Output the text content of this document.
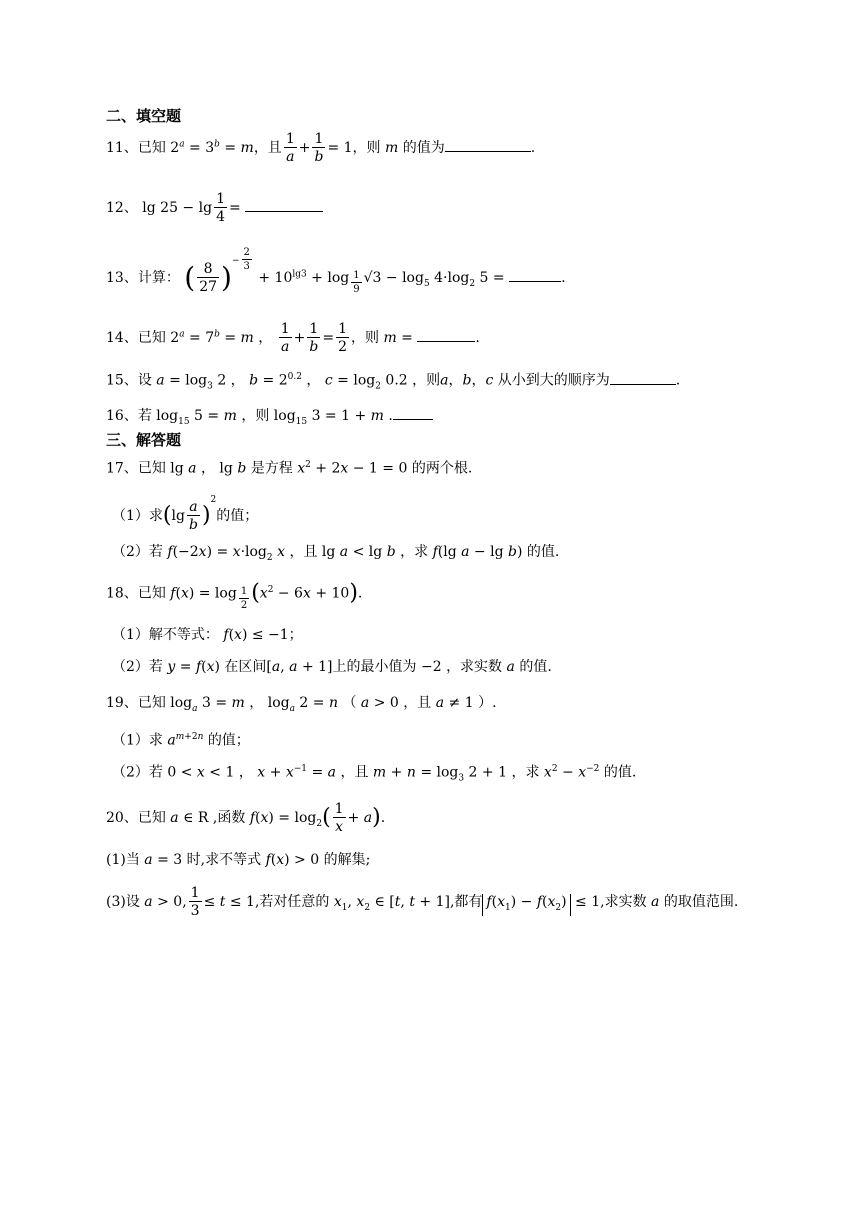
二、填空题
11、已知 $2^a = 3^b = m$，且 $\frac{1}{a} + \frac{1}{b} = 1$，则 m 的值为	.
12、 $\lg 25 - \lg \frac{1}{4}$ =
13、计算： ( $\frac{8}{27} )^{- \frac{2}{3}}$
+ $10^{lg3} + \log _{\frac{1}{9}}$ $√3 - \log_5 4\cdot\log_2$ 5 =	.
14、已知 $2^a = 7^b = m$ ， $\frac{1}{a} + \frac{1}{b} = \frac{1}{2}$ ，则 m =	.
15、设 $a = \log_3 2$ ， $b = 2^{0.2}$ ， $c = \log_2 0.2$ ，则a，b，c 从小到大的顺序为	.
16、若 $\log_{15} 5 = m$ ，则 $\log_{15} 3 = 1 + m$ .
三、解答题
17、已知 lg a ， lg b 是方程 $x^2 + 2x - 1 = 0$ 的两个根.
（1）求$(\lg \frac{a}{b} )^2$的值；
（2）若 $f(-2x) = x\cdot\log_2$ x ，且 lg a < lg b ，求 f(lg a − lg b) 的值.
18、已知 f(x) = log $_{\frac{1}{2}}$ $(x^2 - 6x + 10)$.
（1）解不等式： f(x) ≤ −1；
（2）若 y = f(x) 在区间[a, a + 1]上的最小值为 −2 ，求实数 a 的值.
19、已知 $\log_a 3 = m$ ， $\log_a 2 = n$ （ a > 0 ，且 a ≠ 1 ）.
（1）求 $a^{m+2n}$ 的值；
（2）若 0 < x < 1 ， $x + x^{-1} = a$ ，且 $m + n = \log_3 2 + 1$ ，求 $x^2 - x^{-2}$ 的值.
20、已知 a ∈ R ,函数 $f(x) = \log_2( \frac{1}{x} + a)$.
(1)当 a = 3 时,求不等式 f(x) > 0 的解集;
(3)设 a > 0, $\frac{1}{3} \le t \le 1$,若对任意的 $x_1$, $x_2$ ∈ [t, t + 1],都有 $f(x_1) - f(x_2) \le 1$,求实数 a 的取值范围.
